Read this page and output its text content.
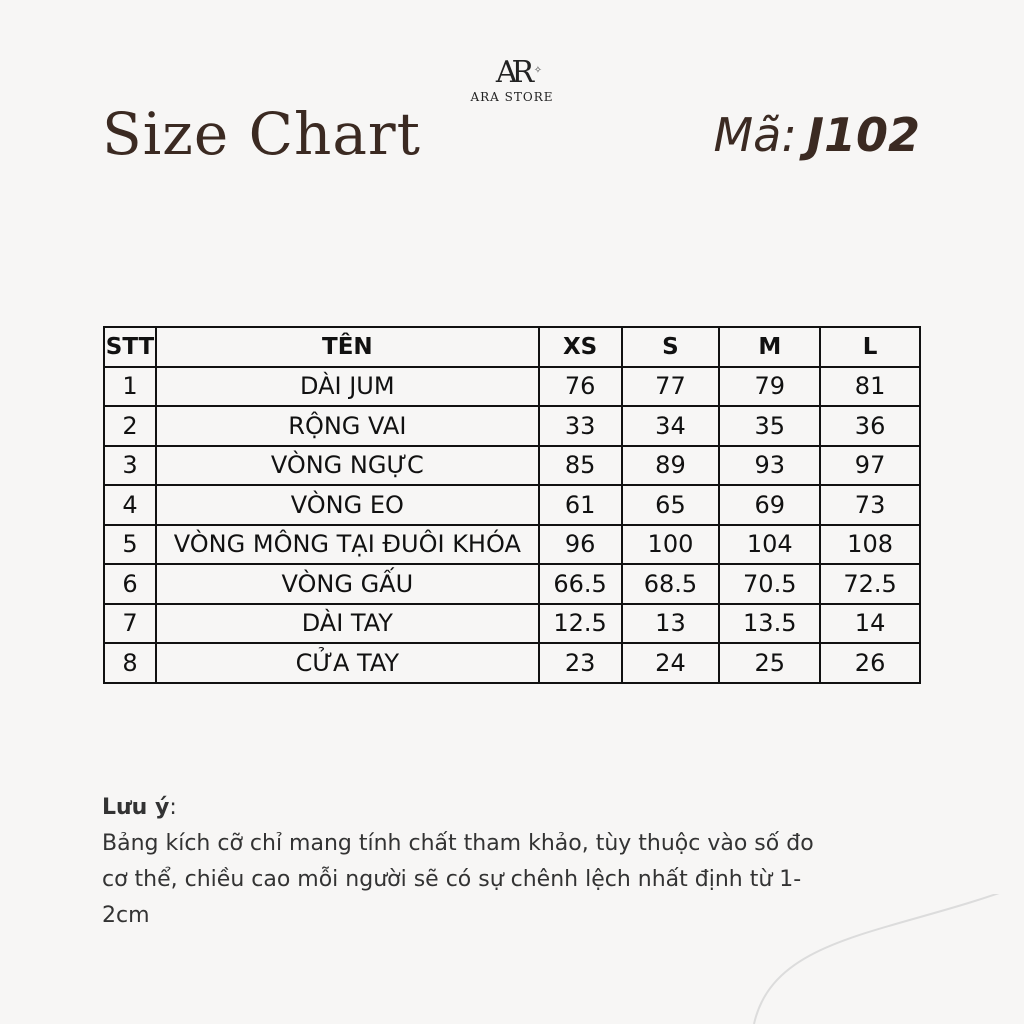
AR ✧
ARA STORE
Size Chart	Mã: J102
STT	TÊN	XS	S	M	L
1	DÀI JUM	76	77	79	81
2	RỘNG VAI	33	34	35	36
3	VÒNG NGỰC	85	89	93	97
4	VÒNG EO	61	65	69	73
5	VÒNG MÔNG TẠI ĐUÔI KHÓA	96	100	104	108
6	VÒNG GẤU	66.5	68.5	70.5	72.5
7	DÀI TAY	12.5	13	13.5	14
8	CỬA TAY	23	24	25	26
Lưu ý:
Bảng kích cỡ chỉ mang tính chất tham khảo, tùy thuộc vào số đo
cơ thể, chiều cao mỗi người sẽ có sự chênh lệch nhất định từ 1-
2cm
